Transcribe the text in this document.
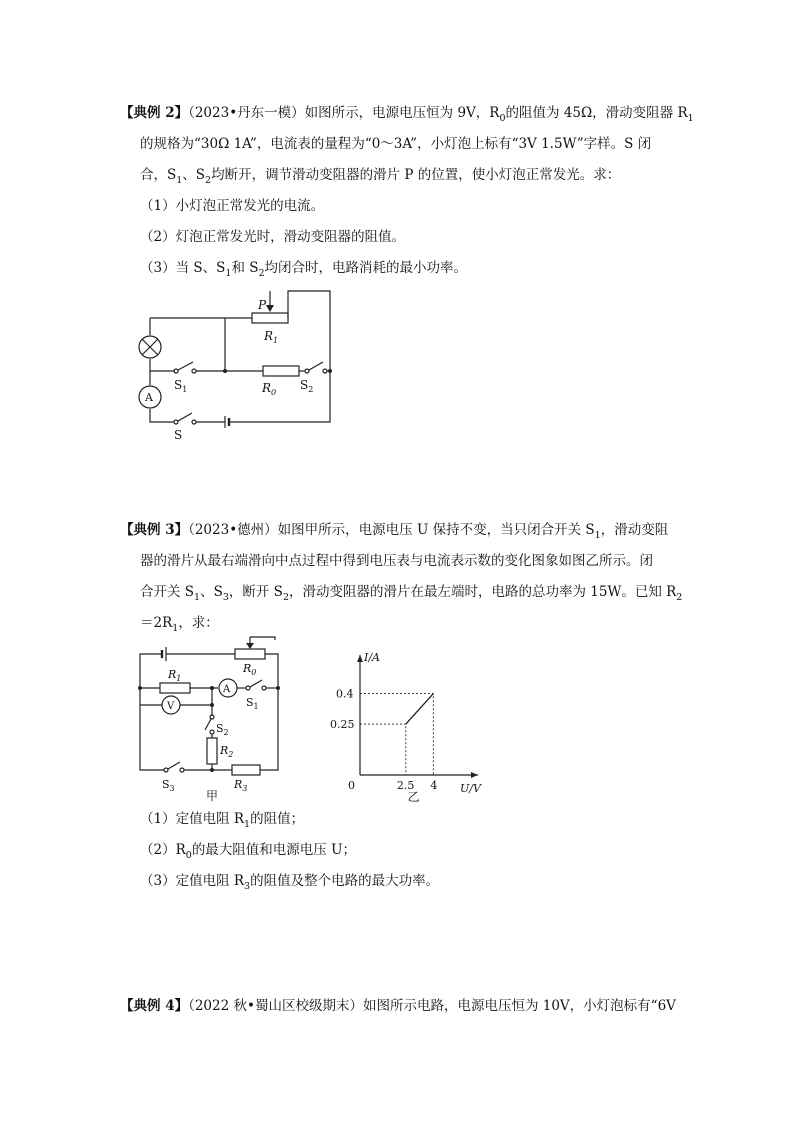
【典例 2】（2023•丹东一模）如图所示，电源电压恒为 9V，$R_0$的阻值为 45Ω，滑动变阻器 $R_1$
的规格为“30Ω 1A”，电流表的量程为“0～3A”，小灯泡上标有“3V 1.5W”字样。S 闭
合，$S_1$、$S_2$均断开，调节滑动变阻器的滑片 P 的位置，使小灯泡正常发光。求：
（1）小灯泡正常发光的电流。
（2）灯泡正常发光时，滑动变阻器的阻值。
（3）当 S、$S_1$和 $S_2$均闭合时，电路消耗的最小功率。
P
$R_1$
$S_1$	$R_0$
$S_2$
A
S
【典例 3】（2023•德州）如图甲所示，电源电压 U 保持不变，当只闭合开关 $S_1$，滑动变阻
器的滑片从最右端滑向中点过程中得到电压表与电流表示数的变化图象如图乙所示。闭
合开关 $S_1$、$S_3$，断开 $S_2$，滑动变阻器的滑片在最左端时，电路的总功率为 15W。已知 $R_2$
$=2R_1$，求：
$R_0$
$R_1$
A
$S_1$
V
$S_2$
$R_2$
$S_3$	$R_3$
甲
I/A
U/V
0	2.5 4
0.25
0.4
乙
（1）定值电阻 $R_1$的阻值；
$(2)R_0$的最大阻值和电源电压 U；
（3）定值电阻 $R_3$的阻值及整个电路的最大功率。
【典例 4】（2022 秋•蜀山区校级期末）如图所示电路，电源电压恒为 10V，小灯泡标有“6V
